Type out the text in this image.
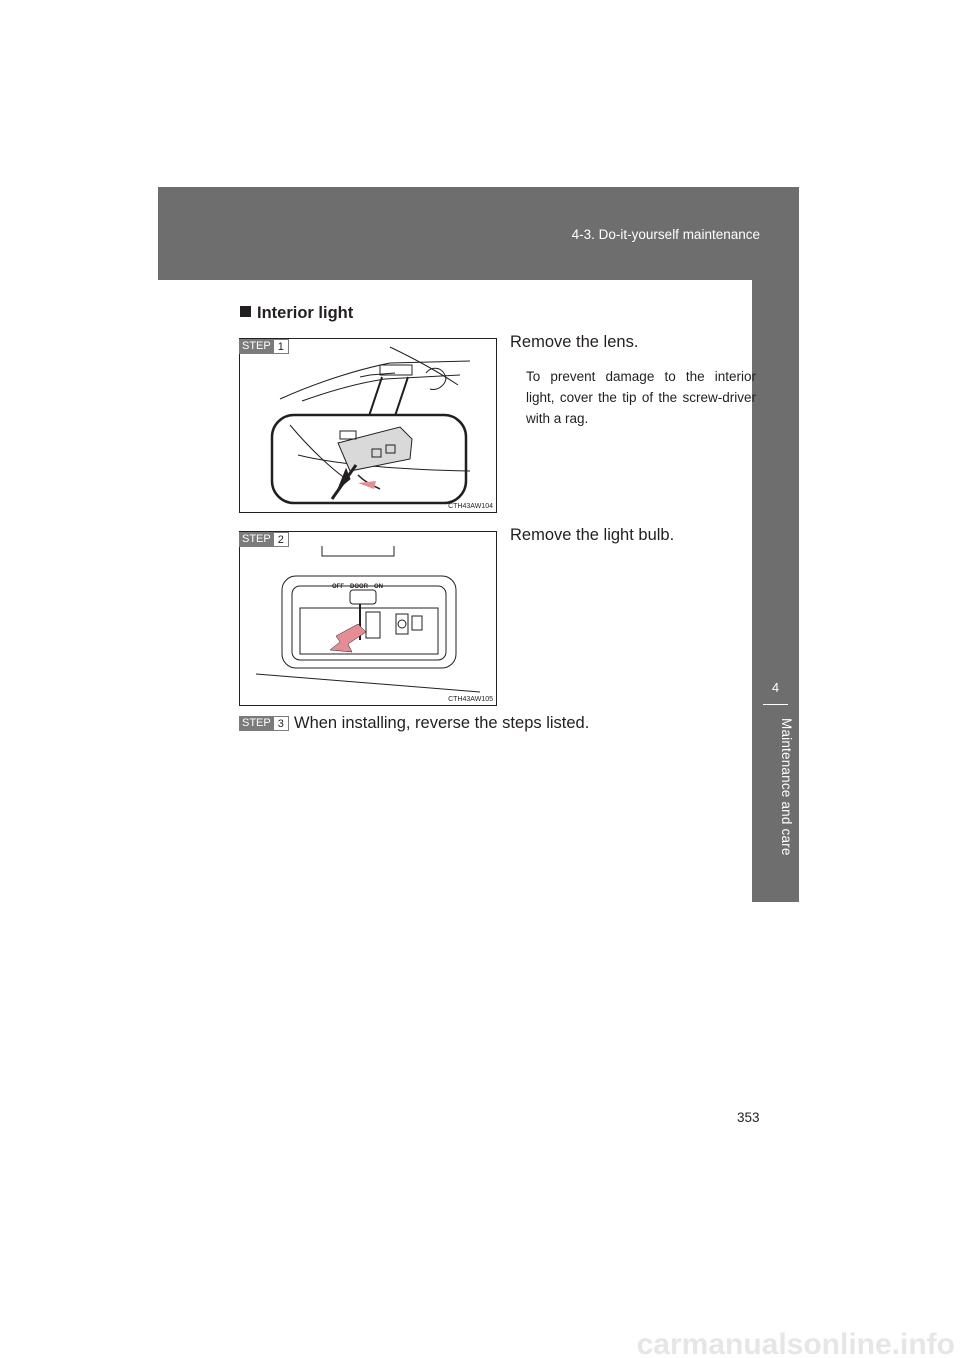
4-3. Do-it-yourself maintenance
4
Maintenance and care
Interior light
STEP 1
CTH43AW104
Remove the lens.
To prevent damage to the interior light, cover the tip of the screw-driver with a rag.
STEP 2
OFF DOOR ON
CTH43AW105
Remove the light bulb.
STEP 3 When installing, reverse the steps listed.
353
carmanualsonline.info
